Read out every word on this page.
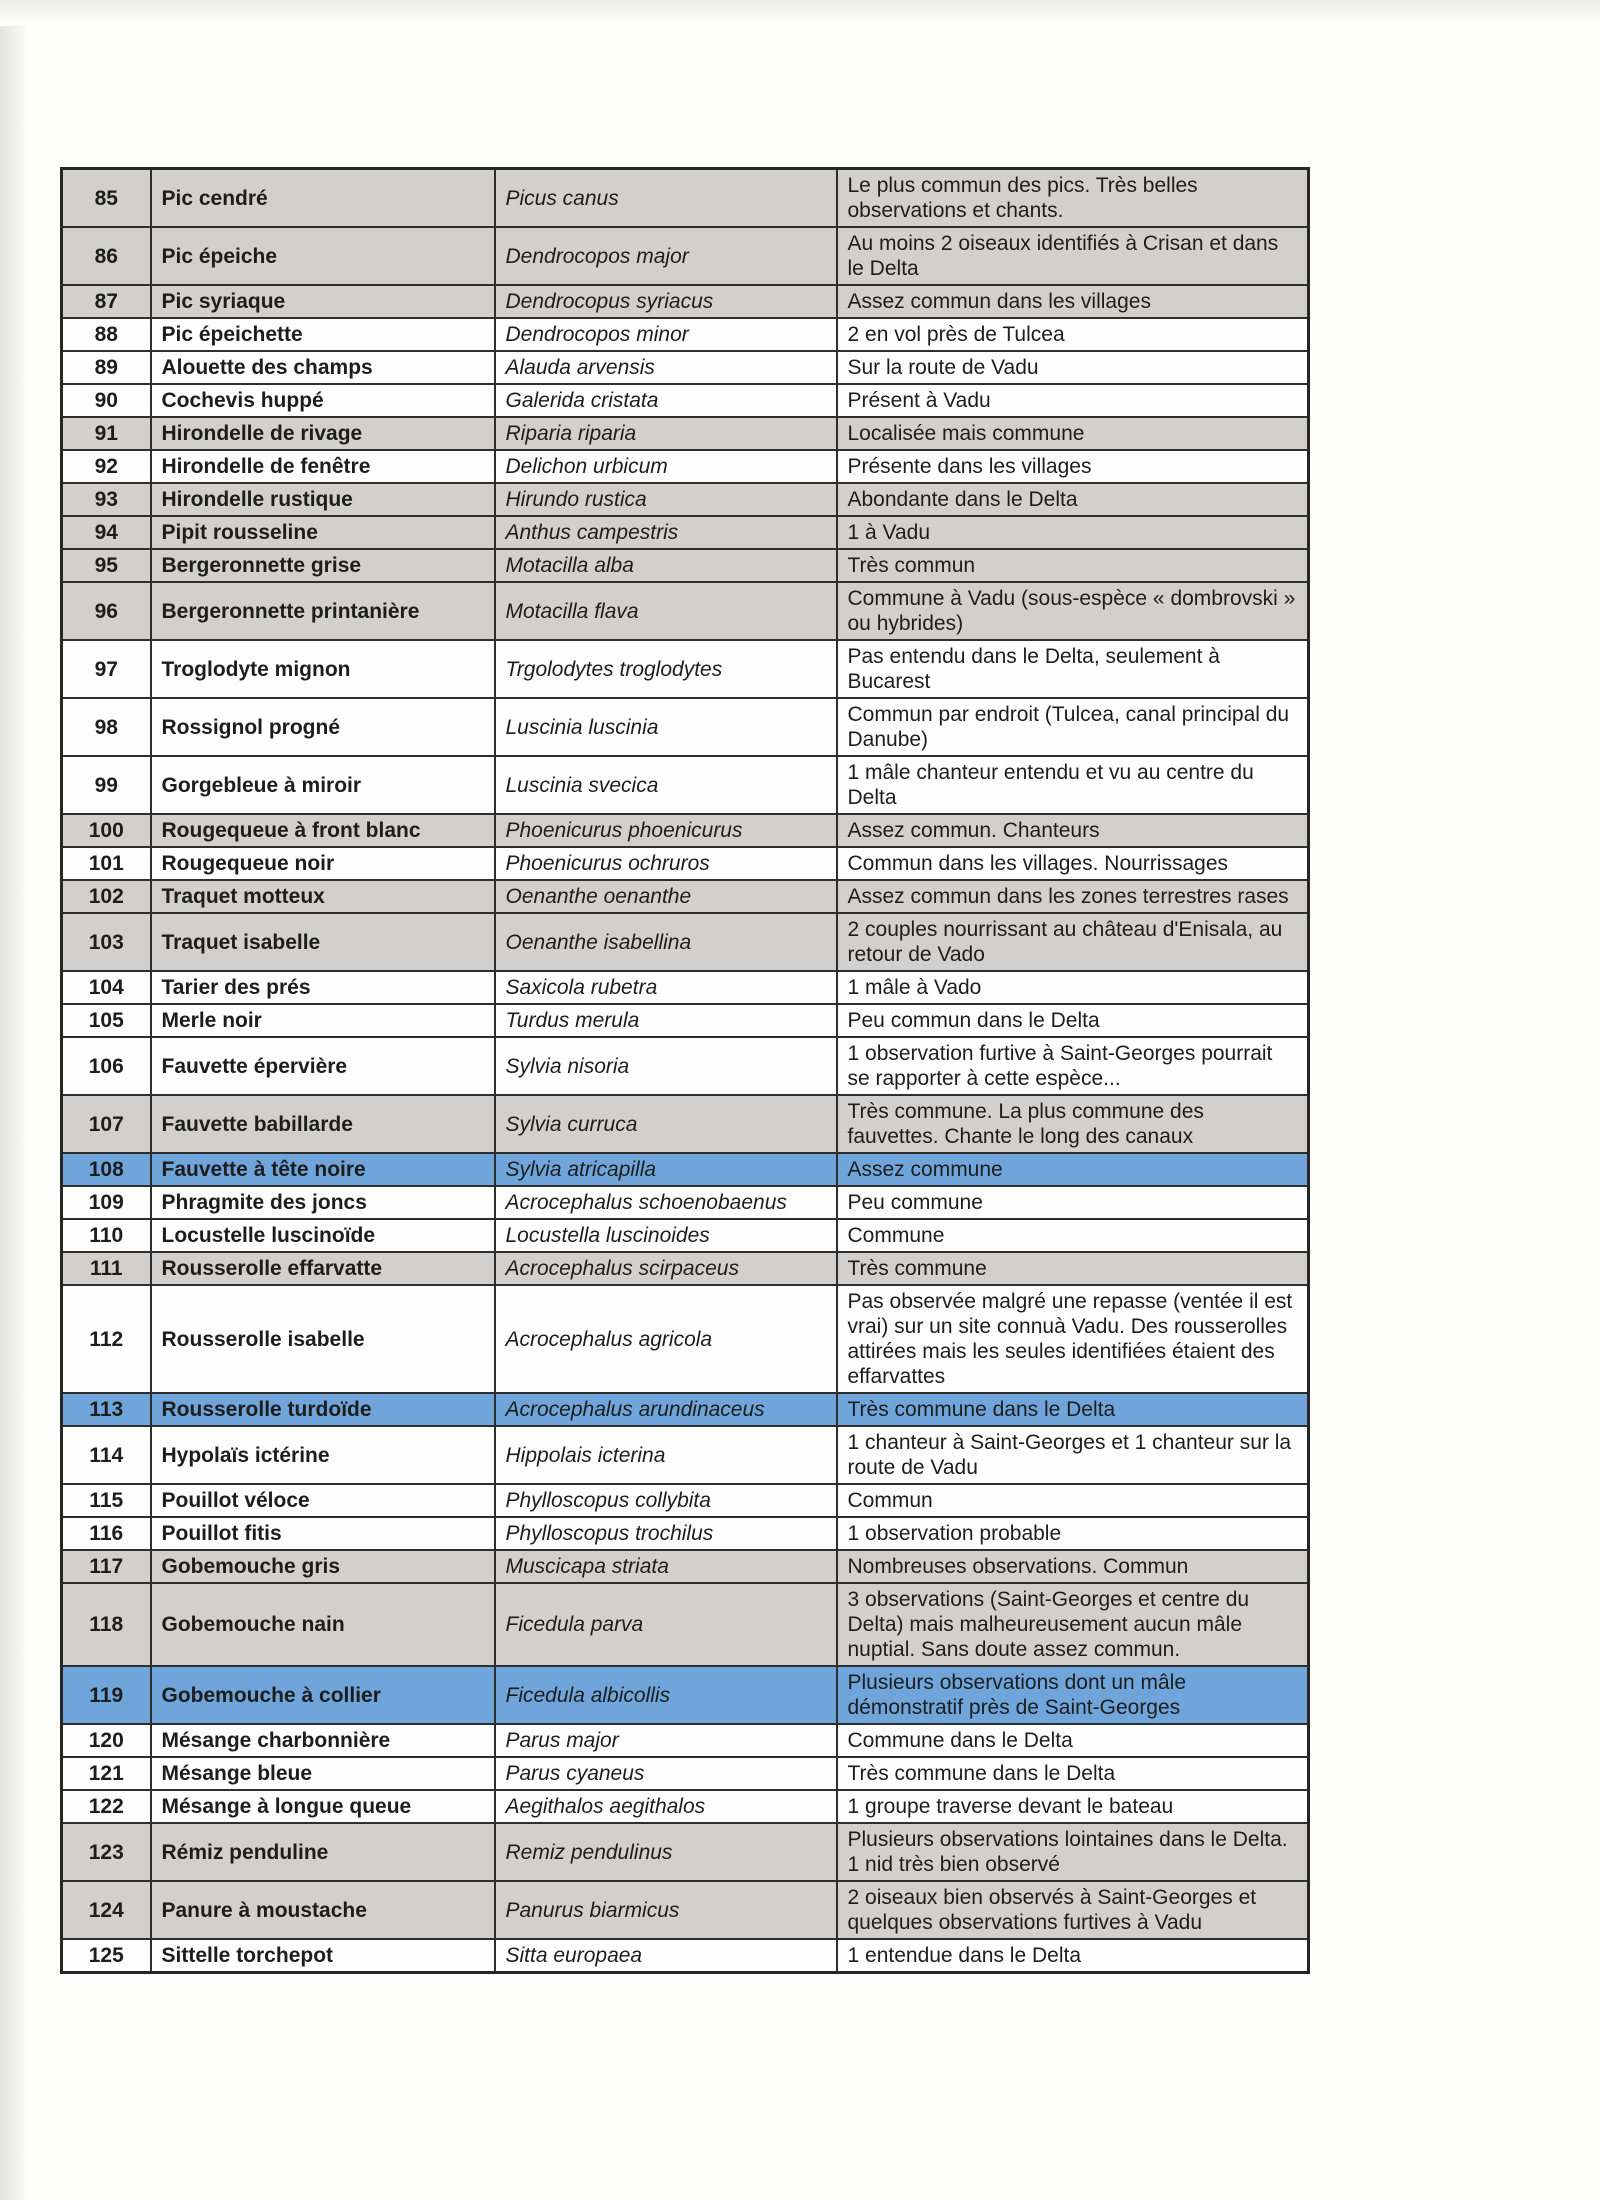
85	Pic cendré	Picus canus	Le plus commun des pics. Très belles observations et chants.
86	Pic épeiche	Dendrocopos major	Au moins 2 oiseaux identifiés à Crisan et dans le Delta
87	Pic syriaque	Dendrocopus syriacus	Assez commun dans les villages
88	Pic épeichette	Dendrocopos minor	2 en vol près de Tulcea
89	Alouette des champs	Alauda arvensis	Sur la route de Vadu
90	Cochevis huppé	Galerida cristata	Présent à Vadu
91	Hirondelle de rivage	Riparia riparia	Localisée mais commune
92	Hirondelle de fenêtre	Delichon urbicum	Présente dans les villages
93	Hirondelle rustique	Hirundo rustica	Abondante dans le Delta
94	Pipit rousseline	Anthus campestris	1 à Vadu
95	Bergeronnette grise	Motacilla alba	Très commun
96	Bergeronnette printanière	Motacilla flava	Commune à Vadu (sous-espèce « dombrovski » ou hybrides)
97	Troglodyte mignon	Trgolodytes troglodytes	Pas entendu dans le Delta, seulement à Bucarest
98	Rossignol progné	Luscinia luscinia	Commun par endroit (Tulcea, canal principal du Danube)
99	Gorgebleue à miroir	Luscinia svecica	1 mâle chanteur entendu et vu au centre du Delta
100	Rougequeue à front blanc	Phoenicurus phoenicurus	Assez commun. Chanteurs
101	Rougequeue noir	Phoenicurus ochruros	Commun dans les villages. Nourrissages
102	Traquet motteux	Oenanthe oenanthe	Assez commun dans les zones terrestres rases
103	Traquet isabelle	Oenanthe isabellina	2 couples nourrissant au château d'Enisala, au retour de Vado
104	Tarier des prés	Saxicola rubetra	1 mâle à Vado
105	Merle noir	Turdus merula	Peu commun dans le Delta
106	Fauvette épervière	Sylvia nisoria	1 observation furtive à Saint-Georges pourrait se rapporter à cette espèce...
107	Fauvette babillarde	Sylvia curruca	Très commune. La plus commune des fauvettes. Chante le long des canaux
108	Fauvette à tête noire	Sylvia atricapilla	Assez commune
109	Phragmite des joncs	Acrocephalus schoenobaenus	Peu commune
110	Locustelle luscinoïde	Locustella luscinoides	Commune
111	Rousserolle effarvatte	Acrocephalus scirpaceus	Très commune
112	Rousserolle isabelle	Acrocephalus agricola	Pas observée malgré une repasse (ventée il est vrai) sur un site connuà Vadu. Des rousserolles attirées mais les seules identifiées étaient des effarvattes
113	Rousserolle turdoïde	Acrocephalus arundinaceus	Très commune dans le Delta
114	Hypolaïs ictérine	Hippolais icterina	1 chanteur à Saint-Georges et 1 chanteur sur la route de Vadu
115	Pouillot véloce	Phylloscopus collybita	Commun
116	Pouillot fitis	Phylloscopus trochilus	1 observation probable
117	Gobemouche gris	Muscicapa striata	Nombreuses observations. Commun
118	Gobemouche nain	Ficedula parva	3 observations (Saint-Georges et centre du Delta) mais malheureusement aucun mâle nuptial. Sans doute assez commun.
119	Gobemouche à collier	Ficedula albicollis	Plusieurs observations dont un mâle démonstratif près de Saint-Georges
120	Mésange charbonnière	Parus major	Commune dans le Delta
121	Mésange bleue	Parus cyaneus	Très commune dans le Delta
122	Mésange à longue queue	Aegithalos aegithalos	1 groupe traverse devant le bateau
123	Rémiz penduline	Remiz pendulinus	Plusieurs observations lointaines dans le Delta. 1 nid très bien observé
124	Panure à moustache	Panurus biarmicus	2 oiseaux bien observés à Saint-Georges et quelques observations furtives à Vadu
125	Sittelle torchepot	Sitta europaea	1 entendue dans le Delta
